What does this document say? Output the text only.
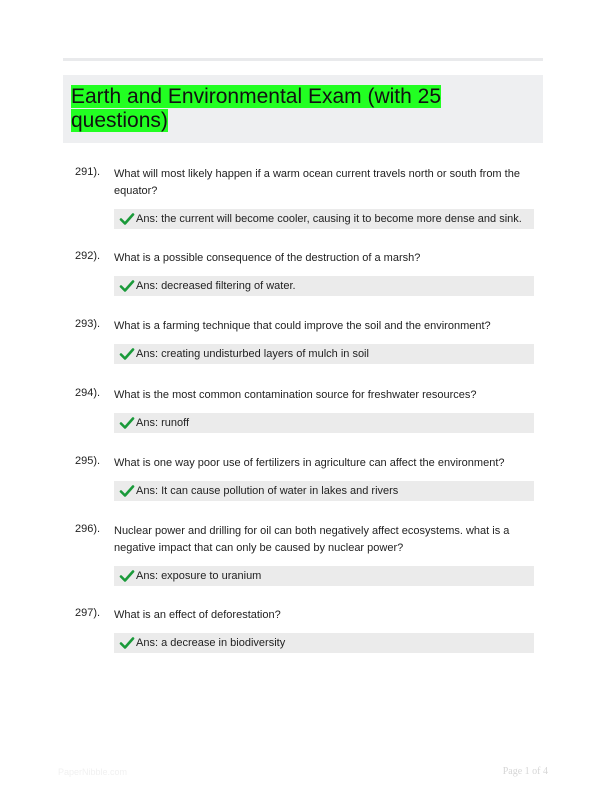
Earth and Environmental Exam (with 25 questions)
291). What will most likely happen if a warm ocean current travels north or south from the equator?
Ans: the current will become cooler, causing it to become more dense and sink.
292). What is a possible consequence of the destruction of a marsh?
Ans: decreased filtering of water.
293). What is a farming technique that could improve the soil and the environment?
Ans: creating undisturbed layers of mulch in soil
294). What is the most common contamination source for freshwater resources?
Ans: runoff
295). What is one way poor use of fertilizers in agriculture can affect the environment?
Ans: It can cause pollution of water in lakes and rivers
296). Nuclear power and drilling for oil can both negatively affect ecosystems. what is a negative impact that can only be caused by nuclear power?
Ans: exposure to uranium
297). What is an effect of deforestation?
Ans: a decrease in biodiversity
PaperNibble.com	Page 1 of 4
